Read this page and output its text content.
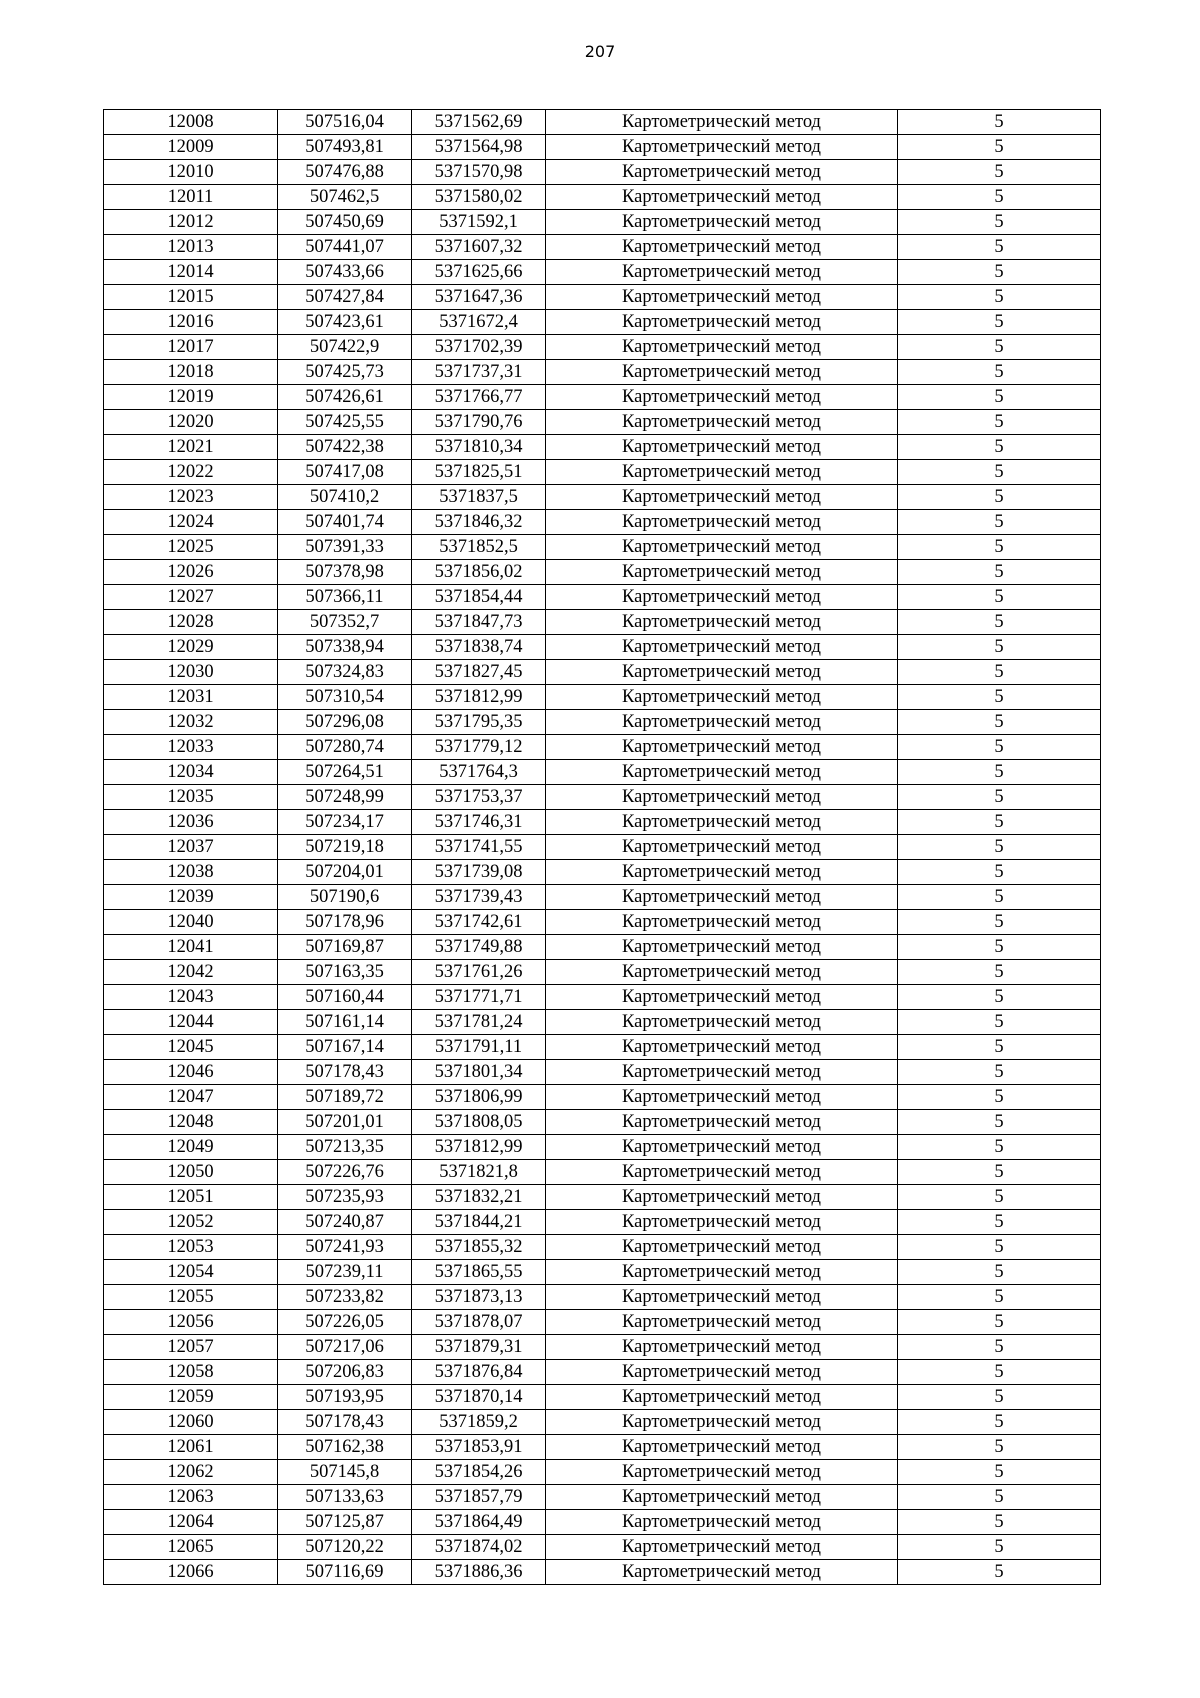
207
12008	507516,04	5371562,69	Картометрический метод	5
12009	507493,81	5371564,98	Картометрический метод	5
12010	507476,88	5371570,98	Картометрический метод	5
12011	507462,5	5371580,02	Картометрический метод	5
12012	507450,69	5371592,1	Картометрический метод	5
12013	507441,07	5371607,32	Картометрический метод	5
12014	507433,66	5371625,66	Картометрический метод	5
12015	507427,84	5371647,36	Картометрический метод	5
12016	507423,61	5371672,4	Картометрический метод	5
12017	507422,9	5371702,39	Картометрический метод	5
12018	507425,73	5371737,31	Картометрический метод	5
12019	507426,61	5371766,77	Картометрический метод	5
12020	507425,55	5371790,76	Картометрический метод	5
12021	507422,38	5371810,34	Картометрический метод	5
12022	507417,08	5371825,51	Картометрический метод	5
12023	507410,2	5371837,5	Картометрический метод	5
12024	507401,74	5371846,32	Картометрический метод	5
12025	507391,33	5371852,5	Картометрический метод	5
12026	507378,98	5371856,02	Картометрический метод	5
12027	507366,11	5371854,44	Картометрический метод	5
12028	507352,7	5371847,73	Картометрический метод	5
12029	507338,94	5371838,74	Картометрический метод	5
12030	507324,83	5371827,45	Картометрический метод	5
12031	507310,54	5371812,99	Картометрический метод	5
12032	507296,08	5371795,35	Картометрический метод	5
12033	507280,74	5371779,12	Картометрический метод	5
12034	507264,51	5371764,3	Картометрический метод	5
12035	507248,99	5371753,37	Картометрический метод	5
12036	507234,17	5371746,31	Картометрический метод	5
12037	507219,18	5371741,55	Картометрический метод	5
12038	507204,01	5371739,08	Картометрический метод	5
12039	507190,6	5371739,43	Картометрический метод	5
12040	507178,96	5371742,61	Картометрический метод	5
12041	507169,87	5371749,88	Картометрический метод	5
12042	507163,35	5371761,26	Картометрический метод	5
12043	507160,44	5371771,71	Картометрический метод	5
12044	507161,14	5371781,24	Картометрический метод	5
12045	507167,14	5371791,11	Картометрический метод	5
12046	507178,43	5371801,34	Картометрический метод	5
12047	507189,72	5371806,99	Картометрический метод	5
12048	507201,01	5371808,05	Картометрический метод	5
12049	507213,35	5371812,99	Картометрический метод	5
12050	507226,76	5371821,8	Картометрический метод	5
12051	507235,93	5371832,21	Картометрический метод	5
12052	507240,87	5371844,21	Картометрический метод	5
12053	507241,93	5371855,32	Картометрический метод	5
12054	507239,11	5371865,55	Картометрический метод	5
12055	507233,82	5371873,13	Картометрический метод	5
12056	507226,05	5371878,07	Картометрический метод	5
12057	507217,06	5371879,31	Картометрический метод	5
12058	507206,83	5371876,84	Картометрический метод	5
12059	507193,95	5371870,14	Картометрический метод	5
12060	507178,43	5371859,2	Картометрический метод	5
12061	507162,38	5371853,91	Картометрический метод	5
12062	507145,8	5371854,26	Картометрический метод	5
12063	507133,63	5371857,79	Картометрический метод	5
12064	507125,87	5371864,49	Картометрический метод	5
12065	507120,22	5371874,02	Картометрический метод	5
12066	507116,69	5371886,36	Картометрический метод	5
